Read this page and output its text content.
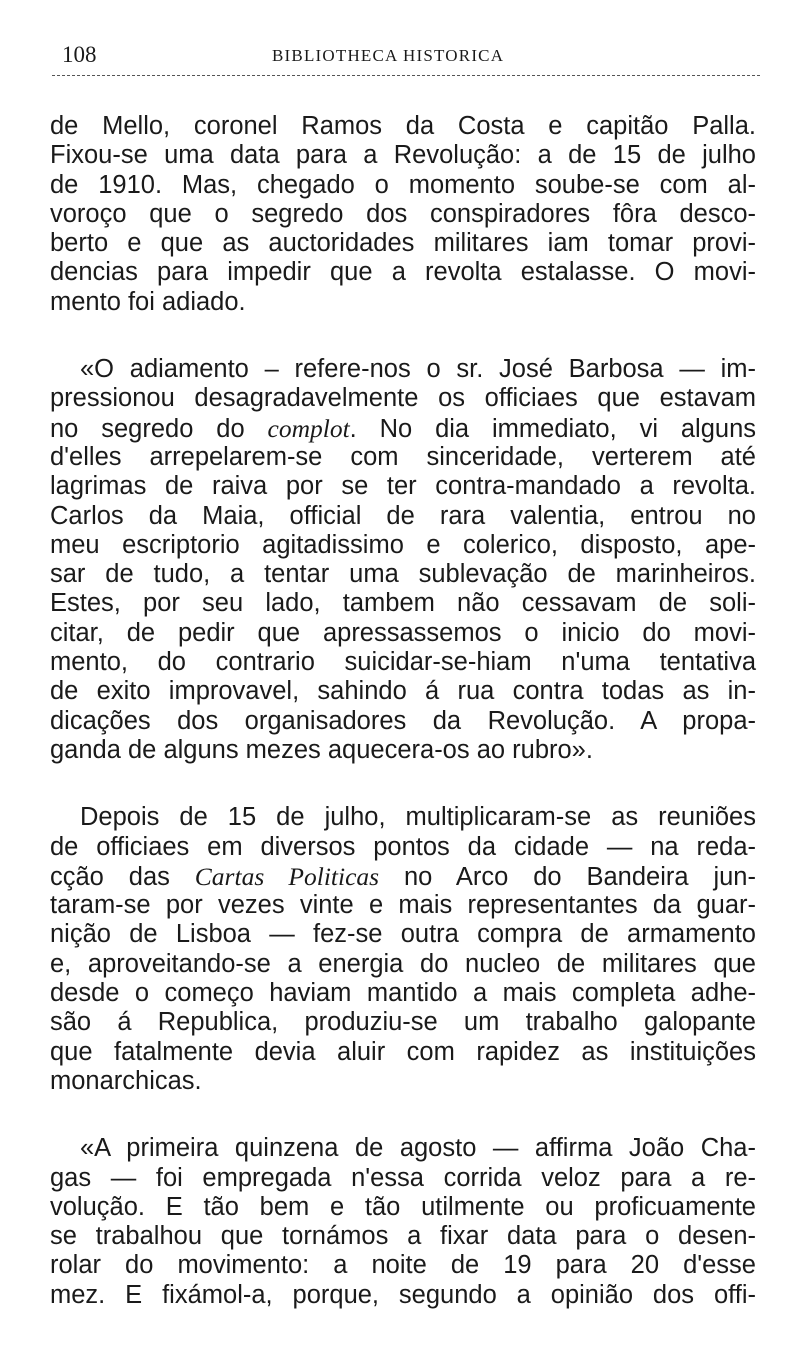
108	BIBLIOTHECA HISTORICA
de Mello, coronel Ramos da Costa e capitão Palla.
Fixou-se uma data para a Revolução: a de 15 de julho
de 1910. Mas, chegado o momento soube-se com al-
voroço que o segredo dos conspiradores fôra desco-
berto e que as auctoridades militares iam tomar provi-
dencias para impedir que a revolta estalasse. O movi-
mento foi adiado.
«O adiamento – refere-nos o sr. José Barbosa — im-
pressionou desagradavelmente os officiaes que estavam
no segredo do complot. No dia immediato, vi alguns
d'elles arrepelarem-se com sinceridade, verterem até
lagrimas de raiva por se ter contra-mandado a revolta.
Carlos da Maia, official de rara valentia, entrou no
meu escriptorio agitadissimo e colerico, disposto, ape-
sar de tudo, a tentar uma sublevação de marinheiros.
Estes, por seu lado, tambem não cessavam de soli-
citar, de pedir que apressassemos o inicio do movi-
mento, do contrario suicidar-se-hiam n'uma tentativa
de exito improvavel, sahindo á rua contra todas as in-
dicações dos organisadores da Revolução. A propa-
ganda de alguns mezes aquecera-os ao rubro».
Depois de 15 de julho, multiplicaram-se as reuniões
de officiaes em diversos pontos da cidade — na reda-
cção das Cartas Politicas no Arco do Bandeira jun-
taram-se por vezes vinte e mais representantes da guar-
nição de Lisboa — fez-se outra compra de armamento
e, aproveitando-se a energia do nucleo de militares que
desde o começo haviam mantido a mais completa adhe-
são á Republica, produziu-se um trabalho galopante
que fatalmente devia aluir com rapidez as instituições
monarchicas.
«A primeira quinzena de agosto — affirma João Cha-
gas — foi empregada n'essa corrida veloz para a re-
volução. E tão bem e tão utilmente ou proficuamente
se trabalhou que tornámos a fixar data para o desen-
rolar do movimento: a noite de 19 para 20 d'esse
mez. E fixámol-a, porque, segundo a opinião dos offi-
